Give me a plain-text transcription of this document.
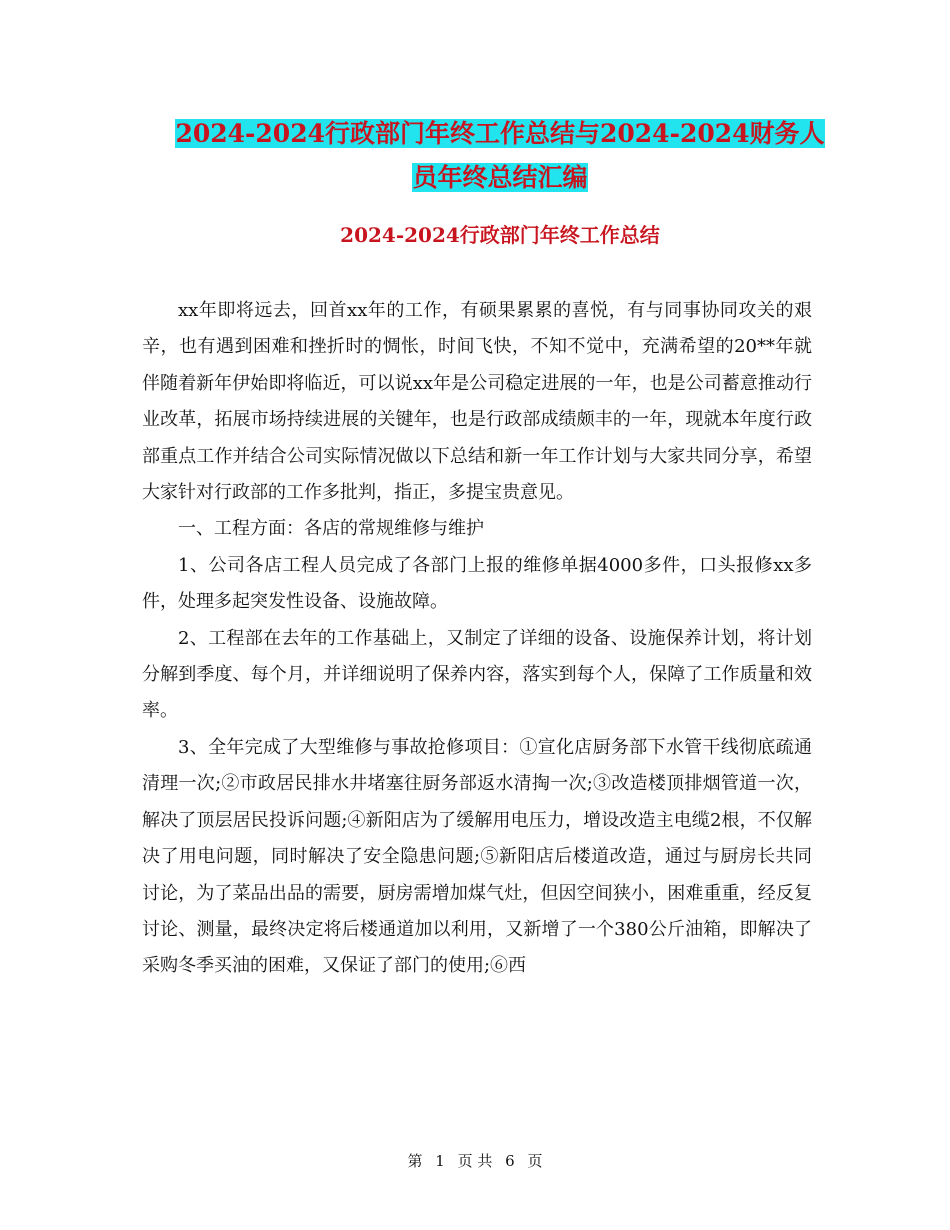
2024-2024行政部门年终工作总结与2024-2024财务人
员年终总结汇编
2024-2024行政部门年终工作总结

xx年即将远去，回首xx年的工作，有硕果累累的喜悦，有与同事协同攻关的艰辛，也有遇到困难和挫折时的惆怅，时间飞快，不知不觉中，充满希望的20**年就伴随着新年伊始即将临近，可以说xx年是公司稳定进展的一年，也是公司蓄意推动行业改革，拓展市场持续进展的关键年，也是行政部成绩颇丰的一年，现就本年度行政部重点工作并结合公司实际情况做以下总结和新一年工作计划与大家共同分享，希望大家针对行政部的工作多批判，指正，多提宝贵意见。

一、工程方面：各店的常规维修与维护

1、公司各店工程人员完成了各部门上报的维修单据4000多件，口头报修xx多件，处理多起突发性设备、设施故障。

2、工程部在去年的工作基础上，又制定了详细的设备、设施保养计划，将计划分解到季度、每个月，并详细说明了保养内容，落实到每个人，保障了工作质量和效率。

3、全年完成了大型维修与事故抢修项目：①宣化店厨务部下水管干线彻底疏通清理一次;②市政居民排水井堵塞往厨务部返水清掏一次;③改造楼顶排烟管道一次，解决了顶层居民投诉问题;④新阳店为了缓解用电压力，增设改造主电缆2根，不仅解决了用电问题，同时解决了安全隐患问题;⑤新阳店后楼道改造，通过与厨房长共同讨论，为了菜品出品的需要，厨房需增加煤气灶，但因空间狭小，困难重重，经反复讨论、测量，最终决定将后楼通道加以利用，又新增了一个380公斤油箱，即解决了采购冬季买油的困难，又保证了部门的使用;⑥西

第 1 页 共 6 页
